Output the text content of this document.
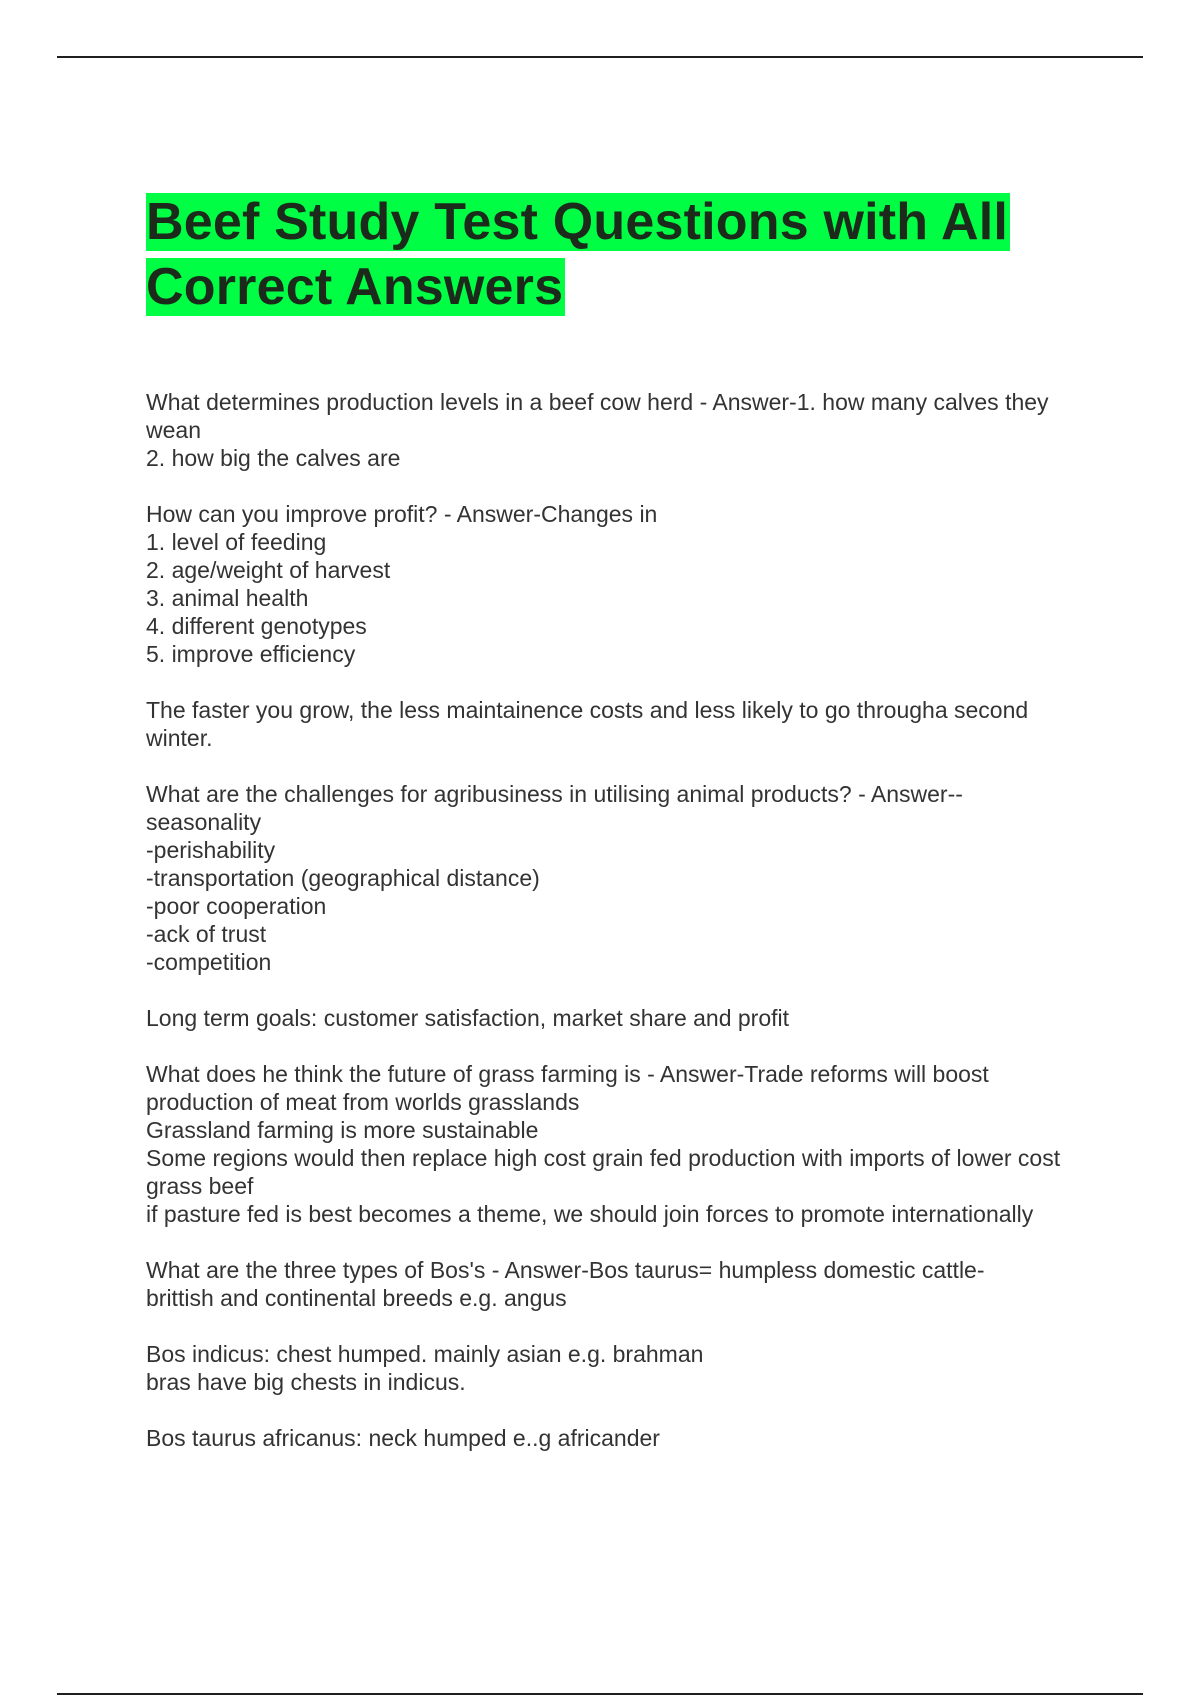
Beef Study Test Questions with All Correct Answers

What determines production levels in a beef cow herd - Answer-1. how many calves they wean
2. how big the calves are

How can you improve profit? - Answer-Changes in
1. level of feeding
2. age/weight of harvest
3. animal health
4. different genotypes
5. improve efficiency

The faster you grow, the less maintainence costs and less likely to go througha second winter.

What are the challenges for agribusiness in utilising animal products? - Answer--
seasonality
-perishability
-transportation (geographical distance)
-poor cooperation
-ack of trust
-competition

Long term goals: customer satisfaction, market share and profit

What does he think the future of grass farming is - Answer-Trade reforms will boost production of meat from worlds grasslands
Grassland farming is more sustainable
Some regions would then replace high cost grain fed production with imports of lower cost grass beef
if pasture fed is best becomes a theme, we should join forces to promote internationally

What are the three types of Bos's - Answer-Bos taurus= humpless domestic cattle-
brittish and continental breeds e.g. angus

Bos indicus: chest humped. mainly asian e.g. brahman
bras have big chests in indicus.

Bos taurus africanus: neck humped e..g africander
